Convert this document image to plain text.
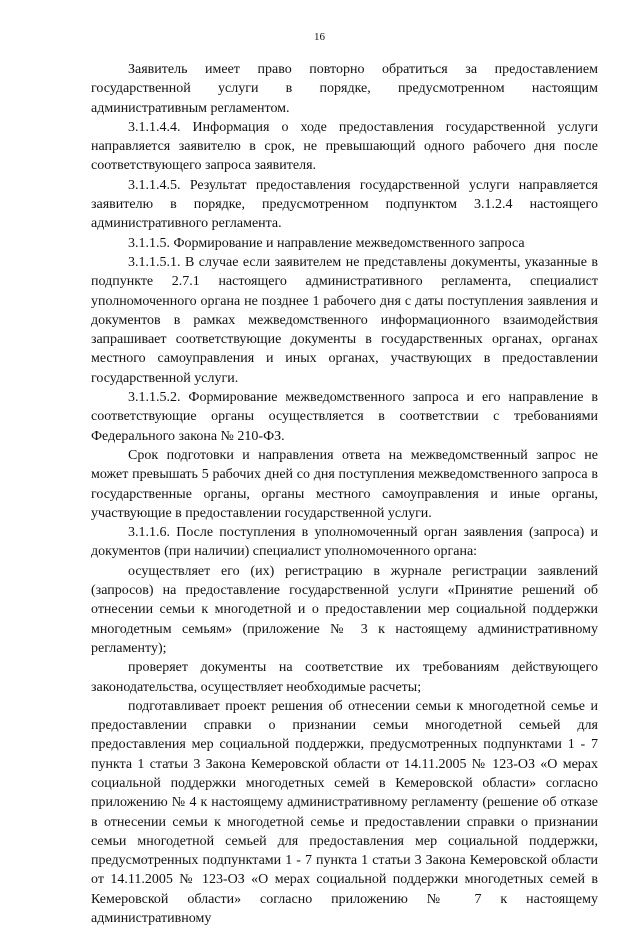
16

Заявитель имеет право повторно обратиться за предоставлением государственной услуги в порядке, предусмотренном настоящим административным регламентом.

3.1.1.4.4. Информация о ходе предоставления государственной услуги направляется заявителю в срок, не превышающий одного рабочего дня после соответствующего запроса заявителя.

3.1.1.4.5. Результат предоставления государственной услуги направляется заявителю в порядке, предусмотренном подпунктом 3.1.2.4 настоящего административного регламента.

3.1.1.5. Формирование и направление межведомственного запроса

3.1.1.5.1. В случае если заявителем не представлены документы, указанные в подпункте 2.7.1 настоящего административного регламента, специалист уполномоченного органа не позднее 1 рабочего дня с даты поступления заявления и документов в рамках межведомственного информационного взаимодействия запрашивает соответствующие документы в государственных органах, органах местного самоуправления и иных органах, участвующих в предоставлении государственной услуги.

3.1.1.5.2. Формирование межведомственного запроса и его направление в соответствующие органы осуществляется в соответствии с требованиями Федерального закона № 210-ФЗ.

Срок подготовки и направления ответа на межведомственный запрос не может превышать 5 рабочих дней со дня поступления межведомственного запроса в государственные органы, органы местного самоуправления и иные органы, участвующие в предоставлении государственной услуги.

3.1.1.6. После поступления в уполномоченный орган заявления (запроса) и документов (при наличии) специалист уполномоченного органа:

осуществляет его (их) регистрацию в журнале регистрации заявлений (запросов) на предоставление государственной услуги «Принятие решений об отнесении семьи к многодетной и о предоставлении мер социальной поддержки многодетным семьям» (приложение № 3 к настоящему административному регламенту);

проверяет документы на соответствие их требованиям действующего законодательства, осуществляет необходимые расчеты;

подготавливает проект решения об отнесении семьи к многодетной семье и предоставлении справки о признании семьи многодетной семьей для предоставления мер социальной поддержки, предусмотренных подпунктами 1 - 7 пункта 1 статьи 3 Закона Кемеровской области от 14.11.2005 № 123-ОЗ «О мерах социальной поддержки многодетных семей в Кемеровской области» согласно приложению № 4 к настоящему административному регламенту (решение об отказе в отнесении семьи к многодетной семье и предоставлении справки о признании семьи многодетной семьей для предоставления мер социальной поддержки, предусмотренных подпунктами 1 - 7 пункта 1 статьи 3 Закона Кемеровской области от 14.11.2005 № 123-ОЗ «О мерах социальной поддержки многодетных семей в Кемеровской области» согласно приложению № 7 к настоящему административному
